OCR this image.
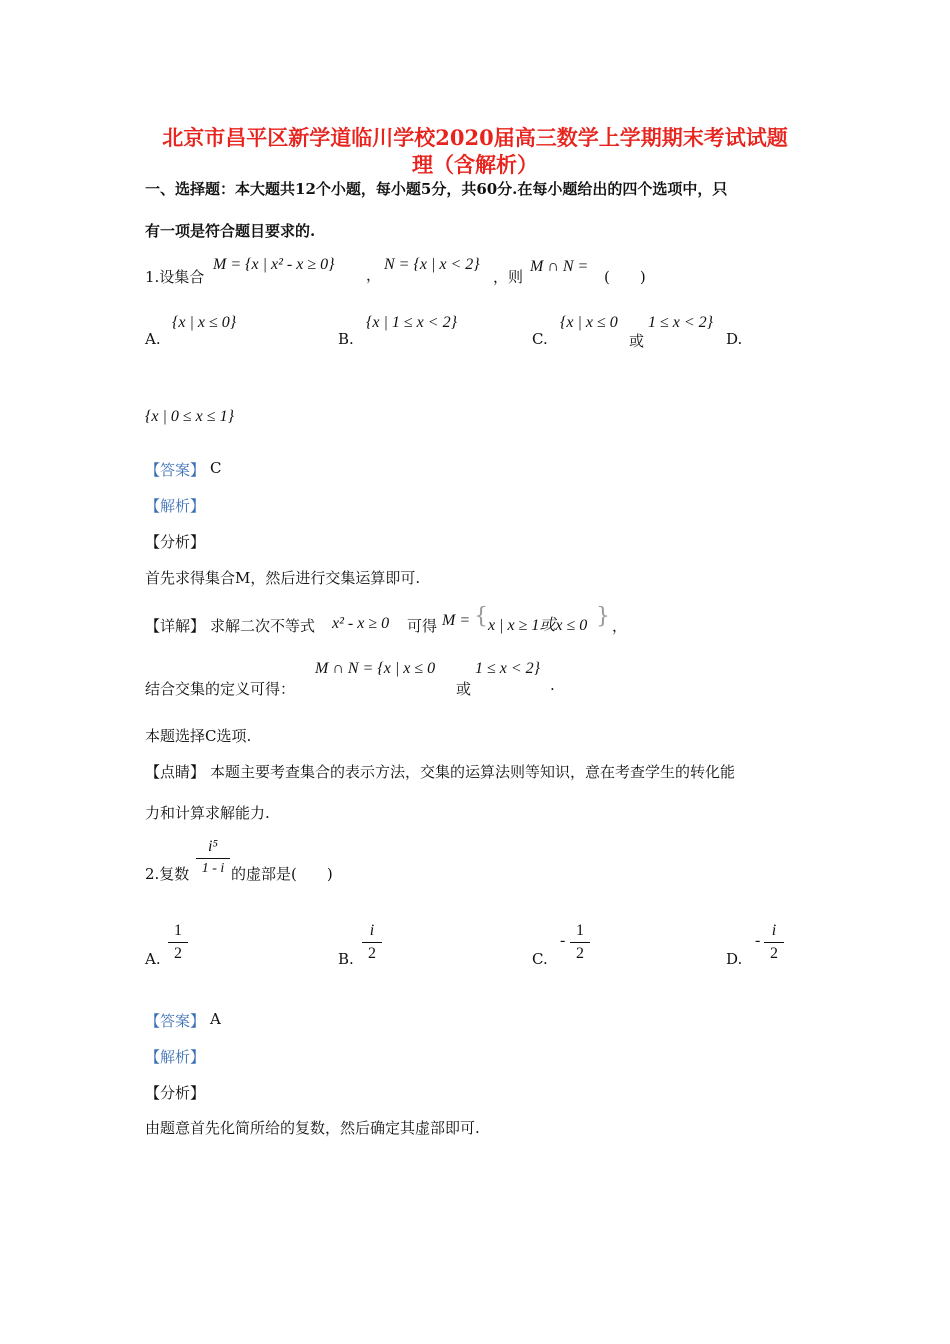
北京市昌平区新学道临川学校2020届高三数学上学期期末考试试题
理（含解析）
一、选择题：本大题共12个小题，每小题5分，共60分.在每小题给出的四个选项中，只
有一项是符合题目要求的.
1.设集合
M = {x | x² - x ≥ 0}
，
N = {x | x < 2}
，则
M ∩ N =
(　　)
A.
{x | x ≤ 0}
B.
{x | 1 ≤ x < 2}
C.
{x | x ≤ 0
或
1 ≤ x < 2}
D.
{x | 0 ≤ x ≤ 1}
【答案】 C
【解析】
【分析】
首先求得集合M，然后进行交集运算即可.
【详解】 求解二次不等式 x² - x ≥ 0 可得 M = { x | x ≥ 1或x ≤ 0 } ，
结合交集的定义可得：
M ∩ N = {x | x ≤ 0
或
1 ≤ x < 2}
.
本题选择C选项.
【点睛】 本题主要考查集合的表示方法，交集的运算法则等知识，意在考查学生的转化能
力和计算求解能力.
2.复数
i⁵
1 - i 的虚部是(　　)
A.
1
2	B.
i
2	C.
-
1
2	D.
-
i
2
【答案】 A
【解析】
【分析】
由题意首先化简所给的复数，然后确定其虚部即可.
